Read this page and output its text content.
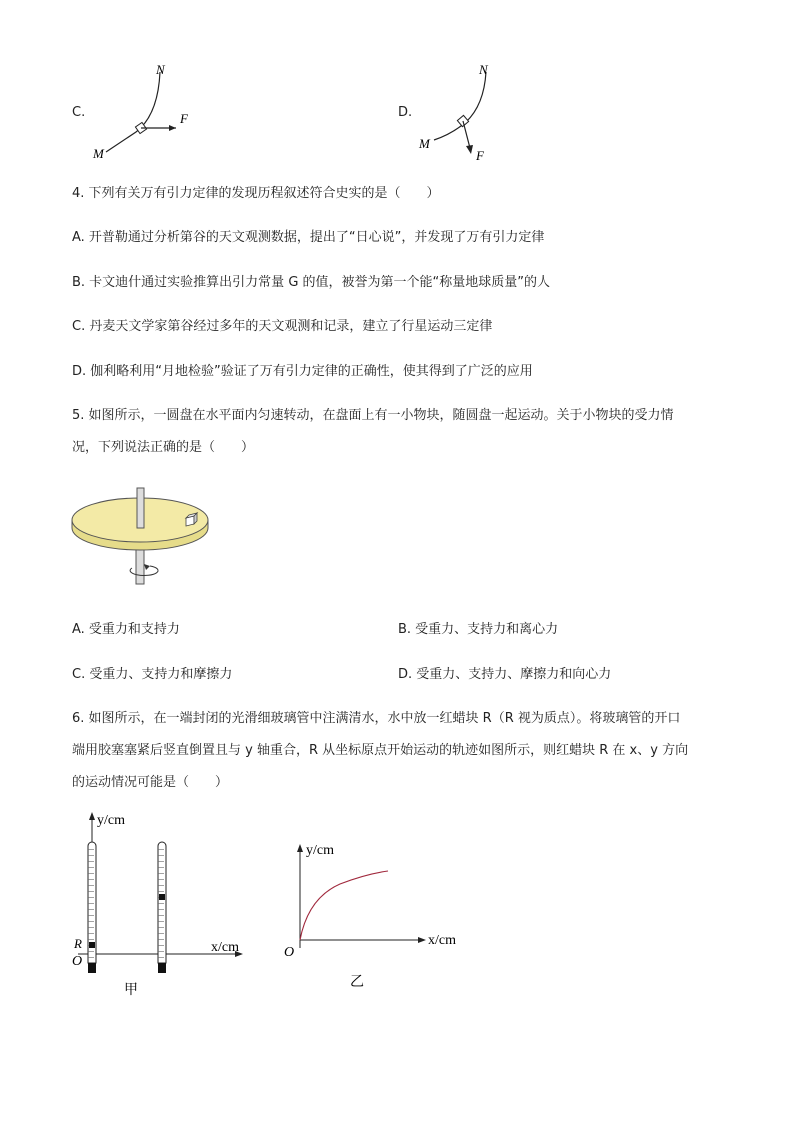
C.
N
F
M
D.
N
M
F
4. 下列有关万有引力定律的发现历程叙述符合史实的是（　　）
A. 开普勒通过分析第谷的天文观测数据，提出了“日心说”，并发现了万有引力定律
B. 卡文迪什通过实验推算出引力常量 G 的值，被誉为第一个能“称量地球质量”的人
C. 丹麦天文学家第谷经过多年的天文观测和记录，建立了行星运动三定律
D. 伽利略利用“月地检验”验证了万有引力定律的正确性，使其得到了广泛的应用
5. 如图所示，一圆盘在水平面内匀速转动，在盘面上有一小物块，随圆盘一起运动。关于小物块的受力情
况，下列说法正确的是（　　）
A. 受重力和支持力	B. 受重力、支持力和离心力
C. 受重力、支持力和摩擦力	D. 受重力、支持力、摩擦力和向心力
6. 如图所示，在一端封闭的光滑细玻璃管中注满清水，水中放一红蜡块 R（R 视为质点）。将玻璃管的开口
端用胶塞塞紧后竖直倒置且与 y 轴重合，R 从坐标原点开始运动的轨迹如图所示，则红蜡块 R 在 x、y 方向
的运动情况可能是（　　）
y/cm
x/cm
R
O
甲
y/cm
x/cm
O
乙
